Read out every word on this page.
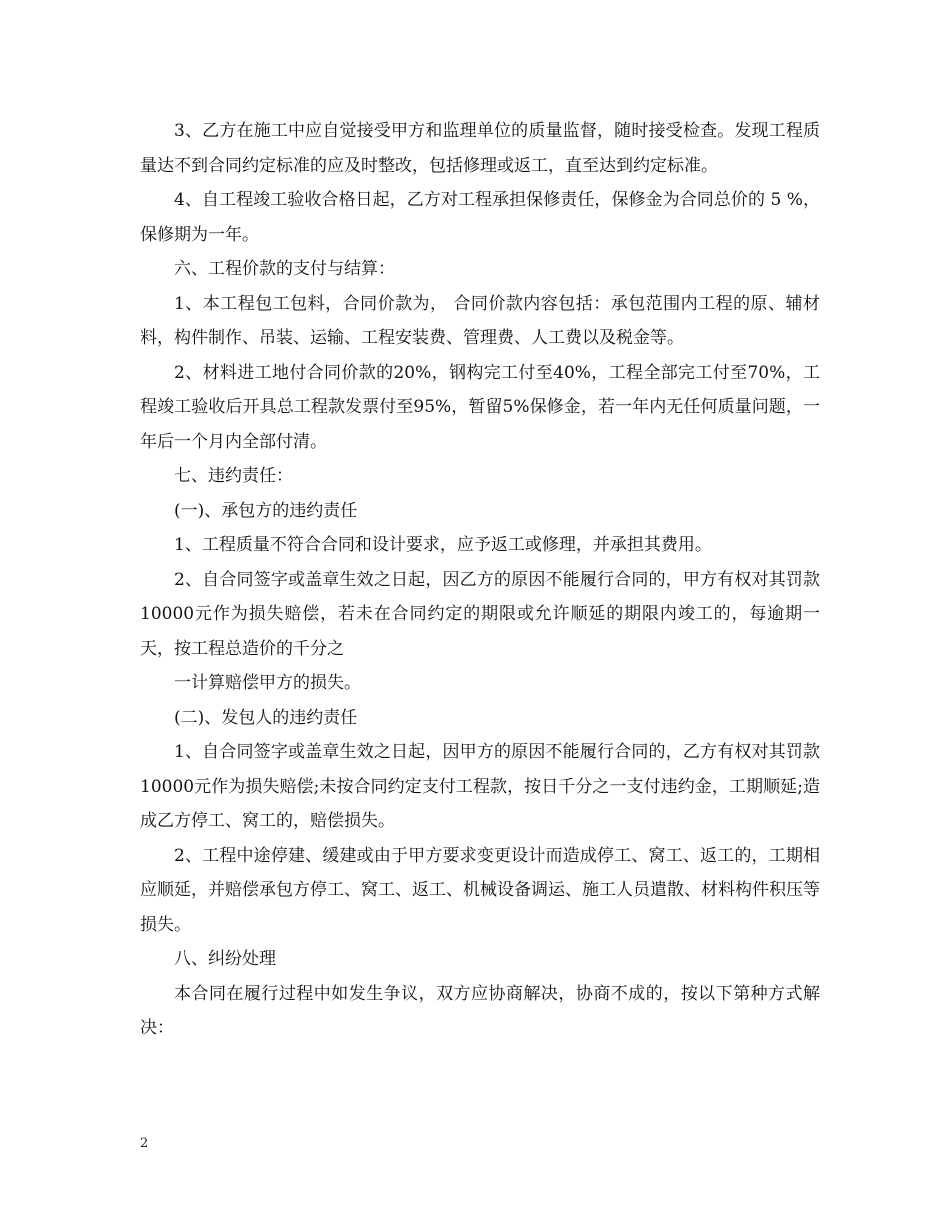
3、乙方在施工中应自觉接受甲方和监理单位的质量监督，随时接受检查。发现工程质量达不到合同约定标准的应及时整改，包括修理或返工，直至达到约定标准。

4、自工程竣工验收合格日起，乙方对工程承担保修责任，保修金为合同总价的 5 %，保修期为一年。

六、工程价款的支付与结算：

1、本工程包工包料，合同价款为， 合同价款内容包括：承包范围内工程的原、辅材料，构件制作、吊装、运输、工程安装费、管理费、人工费以及税金等。

2、材料进工地付合同价款的20%，钢构完工付至40%，工程全部完工付至70%，工程竣工验收后开具总工程款发票付至95%，暂留5%保修金，若一年内无任何质量问题，一年后一个月内全部付清。

七、违约责任：

(一)、承包方的违约责任

1、工程质量不符合合同和设计要求，应予返工或修理，并承担其费用。

2、自合同签字或盖章生效之日起，因乙方的原因不能履行合同的，甲方有权对其罚款10000元作为损失赔偿，若未在合同约定的期限或允许顺延的期限内竣工的，每逾期一天，按工程总造价的千分之

一计算赔偿甲方的损失。

(二)、发包人的违约责任

1、自合同签字或盖章生效之日起，因甲方的原因不能履行合同的，乙方有权对其罚款10000元作为损失赔偿;未按合同约定支付工程款，按日千分之一支付违约金，工期顺延;造成乙方停工、窝工的，赔偿损失。

2、工程中途停建、缓建或由于甲方要求变更设计而造成停工、窝工、返工的，工期相应顺延，并赔偿承包方停工、窝工、返工、机械设备调运、施工人员遣散、材料构件积压等损失。

八、纠纷处理

本合同在履行过程中如发生争议，双方应协商解决，协商不成的，按以下第种方式解决：

2
